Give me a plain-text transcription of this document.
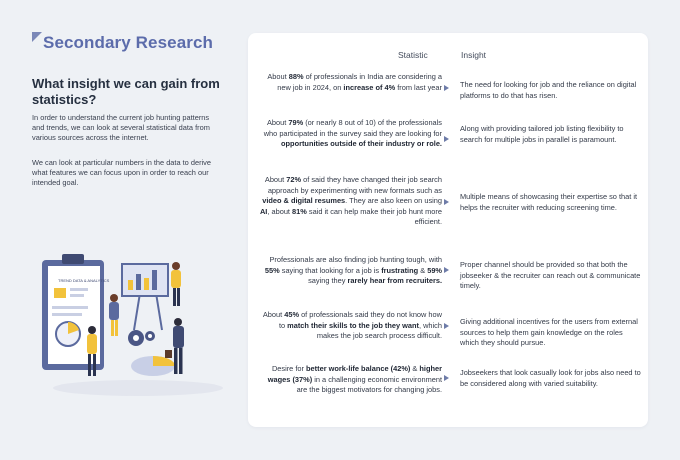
Secondary Research
What insight we can gain from statistics?
In order to understand the current job hunting patterns and trends, we can look at several statistical data from various sources across the internet.
We can look at particular numbers in the data to derive what features we can focus upon in order to reach our intended goal.
TREND DATA & ANALYTICS
Statistic	Insight
About 88% of professionals in India are considering a new job in 2024, on increase of 4% from last year The need for looking for job and the reliance on digital platforms to do that has risen.
About 79% (or nearly 8 out of 10) of the professionals who participated in the survey said they are looking for opportunities outside of their industry or role.
Along with providing tailored job listing flexibility to search for multiple jobs in parallel is paramount.
About 72% of said they have changed their job search approach by experimenting with new formats such as video & digital resumes. They are also keen on using AI, about 81% said it can help make their job hunt more efficient.
Multiple means of showcasing their expertise so that it helps the recruiter with reducing screening time.
Professionals are also finding job hunting tough, with 55% saying that looking for a job is frustrating & 59% saying they rarely hear from recruiters.
Proper channel should be provided so that both the jobseeker & the recruiter can reach out & communicate timely.
About 45% of professionals said they do not know how to match their skills to the job they want, which makes the job search process difficult.
Giving additional incentives for the users from external sources to help them gain knowledge on the roles which they should pursue.
Desire for better work-life balance (42%) & higher wages (37%) in a challenging economic environment are the biggest motivators for changing jobs.
Jobseekers that look casually look for jobs also need to be considered along with varied suitability.
